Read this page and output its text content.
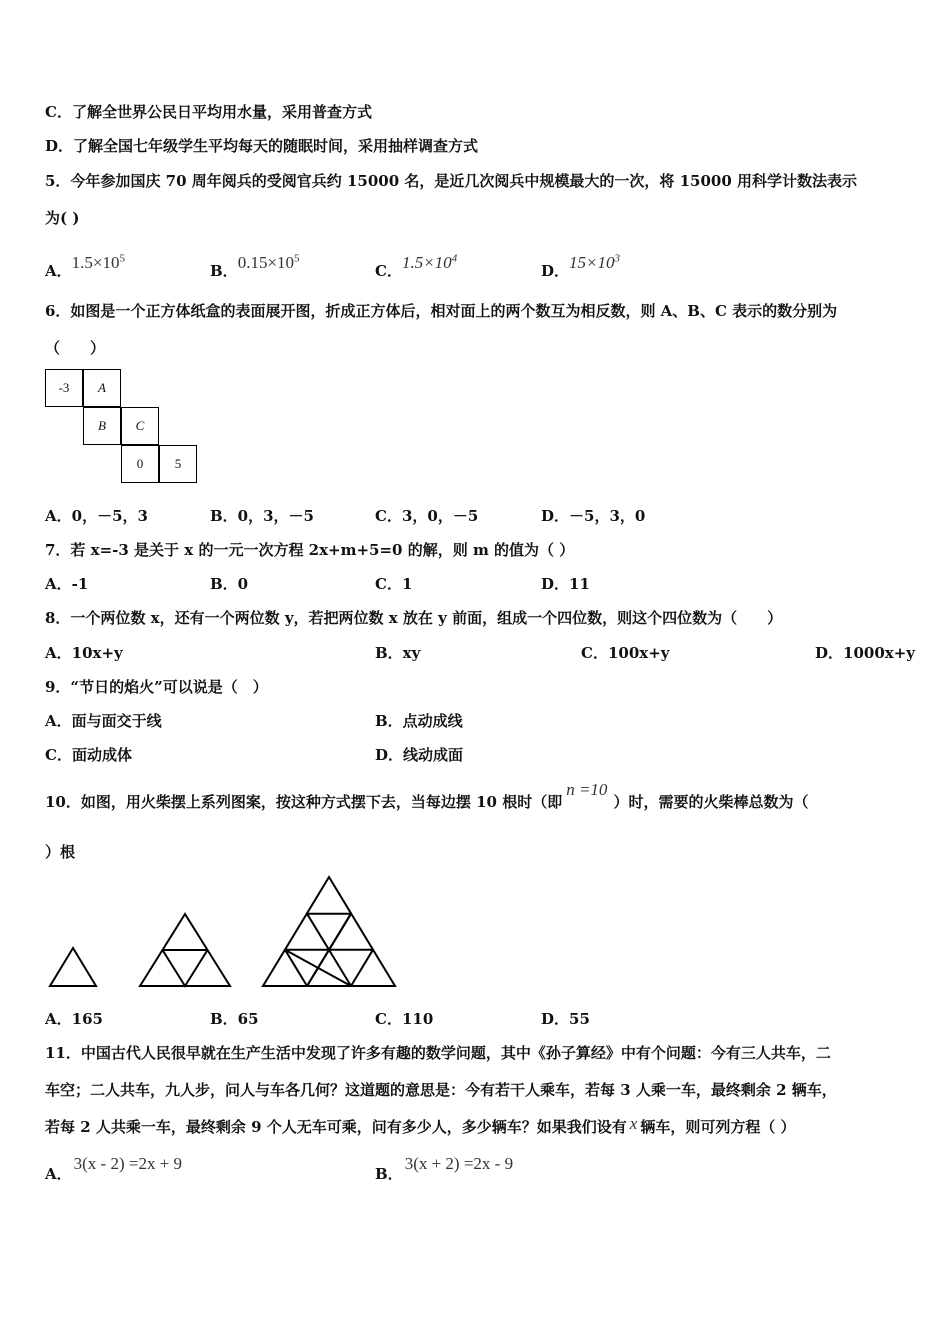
C．了解全世界公民日平均用水量，采用普查方式
D．了解全国七年级学生平均每天的随眠时间，采用抽样调查方式
5．今年参加国庆 70 周年阅兵的受阅官兵约 15000 名，是近几次阅兵中规模最大的一次，将 15000 用科学计数法表示
为( )
A．$1.5\times 10^5$
B．$0.15\times 10^5$
C．$1.5\times 10^4$
D．$15\times 10^3$
6．如图是一个正方体纸盒的表面展开图，折成正方体后，相对面上的两个数互为相反数，则 A、B、C 表示的数分别为
（　　）
-3	A
B	C
0	5
A．0，－5，3	B．0，3，－5	C．3，0，－5	D．－5，3，0
7．若 x=-3 是关于 x 的一元一次方程 2x+m+5=0 的解，则 m 的值为（ ）
A．-1	B．0	C．1	D．11
8．一个两位数 x，还有一个两位数 y，若把两位数 x 放在 y 前面，组成一个四位数，则这个四位数为（　　）
A．10x+y	B．xy	C．100x+y	D．1000x+y
9．“节日的焰火”可以说是（　）
A．面与面交于线	B．点动成线
C．面动成体	D．线动成面
10．如图，用火柴摆上系列图案，按这种方式摆下去，当每边摆 10 根时（即n =10）时，需要的火柴棒总数为（
）根
A．165	B．65	C．110	D．55
11．中国古代人民很早就在生产生活中发现了许多有趣的数学问题，其中《孙子算经》中有个问题：今有三人共车，二
车空；二人共车，九人步，问人与车各几何？这道题的意思是：今有若干人乘车，若每 3 人乘一车，最终剩余 2 辆车，
若每 2 人共乘一车，最终剩余 9 个人无车可乘，问有多少人，多少辆车？如果我们设有 x 辆车，则可列方程（ ）
A．3(x - 2) =2x + 9
B．3(x + 2) =2x - 9
